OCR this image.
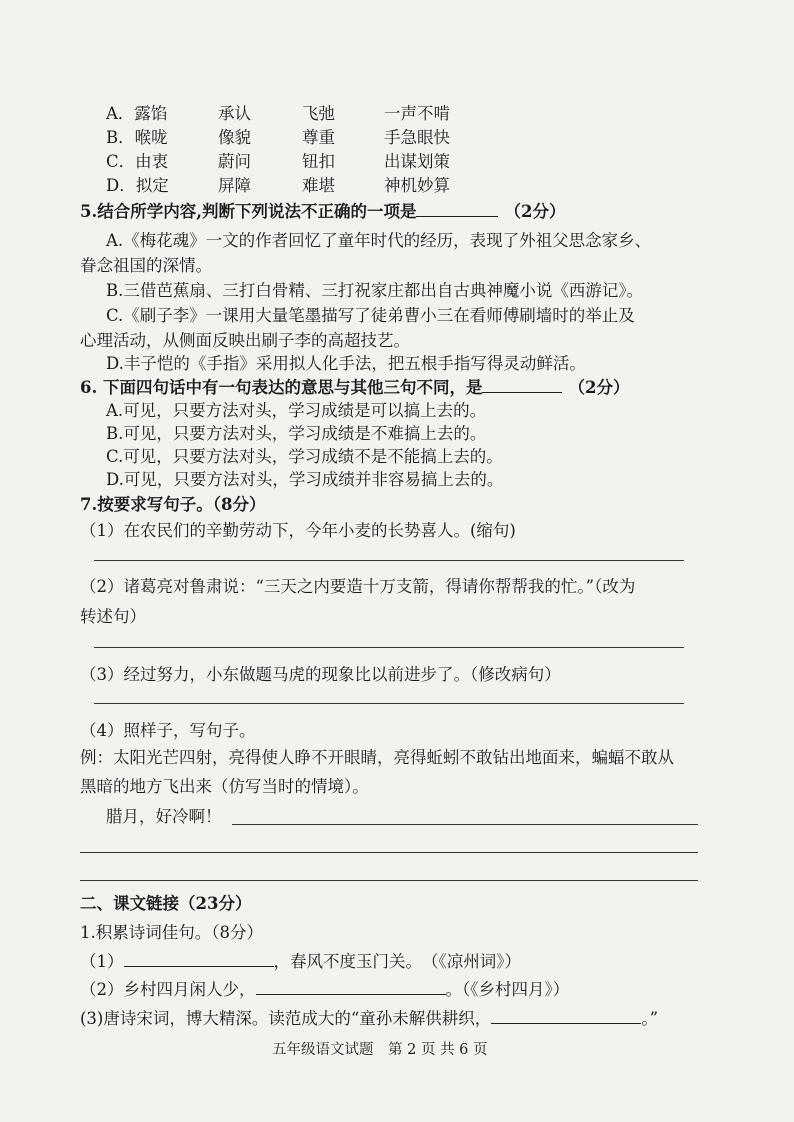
A．露馅	承认	飞弛	一声不啃
B．喉咙	像貌	尊重	手急眼快
C．由衷	蔚问	钮扣	出谋划策
D．拟定	屏障	难堪	神机妙算
5.结合所学内容,判断下列说法不正确的一项是	（2分）
A.《梅花魂》一文的作者回忆了童年时代的经历，表现了外祖父思念家乡、
眷念祖国的深情。
B.三借芭蕉扇、三打白骨精、三打祝家庄都出自古典神魔小说《西游记》。
C.《刷子李》一课用大量笔墨描写了徒弟曹小三在看师傅刷墙时的举止及
心理活动，从侧面反映出刷子李的高超技艺。
D.丰子恺的《手指》采用拟人化手法，把五根手指写得灵动鲜活。
6. 下面四句话中有一句表达的意思与其他三句不同，是	（2分）
A.可见，只要方法对头，学习成绩是可以搞上去的。
B.可见，只要方法对头，学习成绩是不难搞上去的。
C.可见，只要方法对头，学习成绩不是不能搞上去的。
D.可见，只要方法对头，学习成绩并非容易搞上去的。
7.按要求写句子。（8分）
（1）在农民们的辛勤劳动下，今年小麦的长势喜人。(缩句)
（2）诸葛亮对鲁肃说：“三天之内要造十万支箭，得请你帮帮我的忙。”（改为
转述句）
（3）经过努力，小东做题马虎的现象比以前进步了。（修改病句）
（4）照样子，写句子。
例：太阳光芒四射，亮得使人睁不开眼睛，亮得蚯蚓不敢钻出地面来，蝙蝠不敢从
黑暗的地方飞出来（仿写当时的情境）。
腊月，好冷啊！
二、课文链接（23分）
1.积累诗词佳句。（8分）
（1）	，春风不度玉门关。　（《凉州词》）
（2）乡村四月闲人少，	。（《乡村四月》）
(3)唐诗宋词，博大精深。读范成大的“童孙未解供耕织，	。”
五年级语文试题　第 2 页 共 6 页
